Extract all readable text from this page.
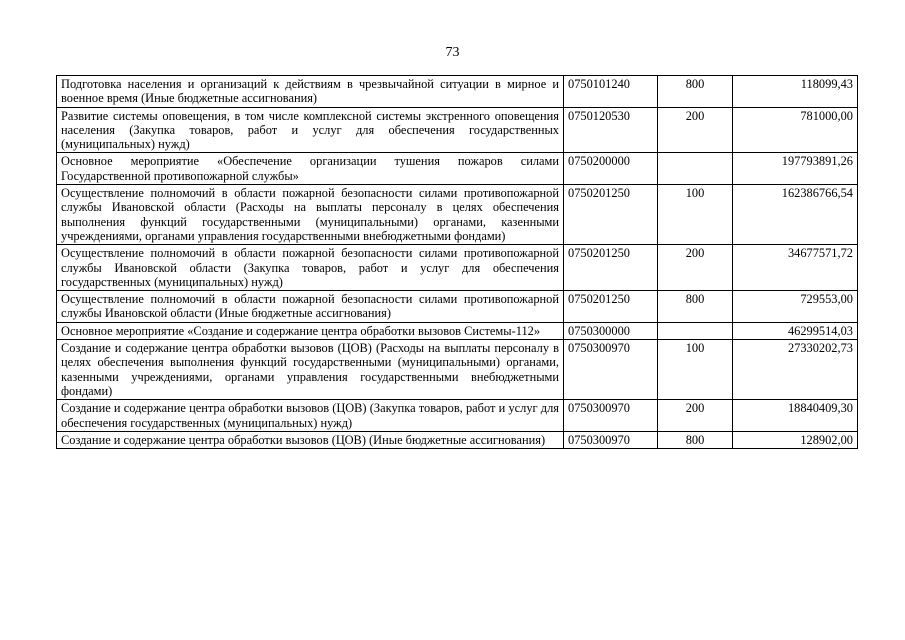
73
Подготовка населения и организаций к действиям в чрезвычайной ситуации в мирное и военное время (Иные бюджетные ассигнования)	0750101240	800	118099,43
Развитие системы оповещения, в том числе комплексной системы экстренного оповещения населения (Закупка товаров, работ и услуг для обеспечения государственных (муниципальных) нужд)	0750120530	200	781000,00
Основное мероприятие «Обеспечение организации тушения пожаров силами Государственной противопожарной службы»	0750200000		197793891,26
Осуществление полномочий в области пожарной безопасности силами противопожарной службы Ивановской области (Расходы на выплаты персоналу в целях обеспечения выполнения функций государственными (муниципальными) органами, казенными учреждениями, органами управления государственными внебюджетными фондами)	0750201250	100	162386766,54
Осуществление полномочий в области пожарной безопасности силами противопожарной службы Ивановской области (Закупка товаров, работ и услуг для обеспечения государственных (муниципальных) нужд)	0750201250	200	34677571,72
Осуществление полномочий в области пожарной безопасности силами противопожарной службы Ивановской области (Иные бюджетные ассигнования)	0750201250	800	729553,00
Основное мероприятие «Создание и содержание центра обработки вызовов Системы-112»	0750300000		46299514,03
Создание и содержание центра обработки вызовов (ЦОВ) (Расходы на выплаты персоналу в целях обеспечения выполнения функций государственными (муниципальными) органами, казенными учреждениями, органами управления государственными внебюджетными фондами)	0750300970	100	27330202,73
Создание и содержание центра обработки вызовов (ЦОВ) (Закупка товаров, работ и услуг для обеспечения государственных (муниципальных) нужд)	0750300970	200	18840409,30
Создание и содержание центра обработки вызовов (ЦОВ) (Иные бюджетные ассигнования)	0750300970	800	128902,00
